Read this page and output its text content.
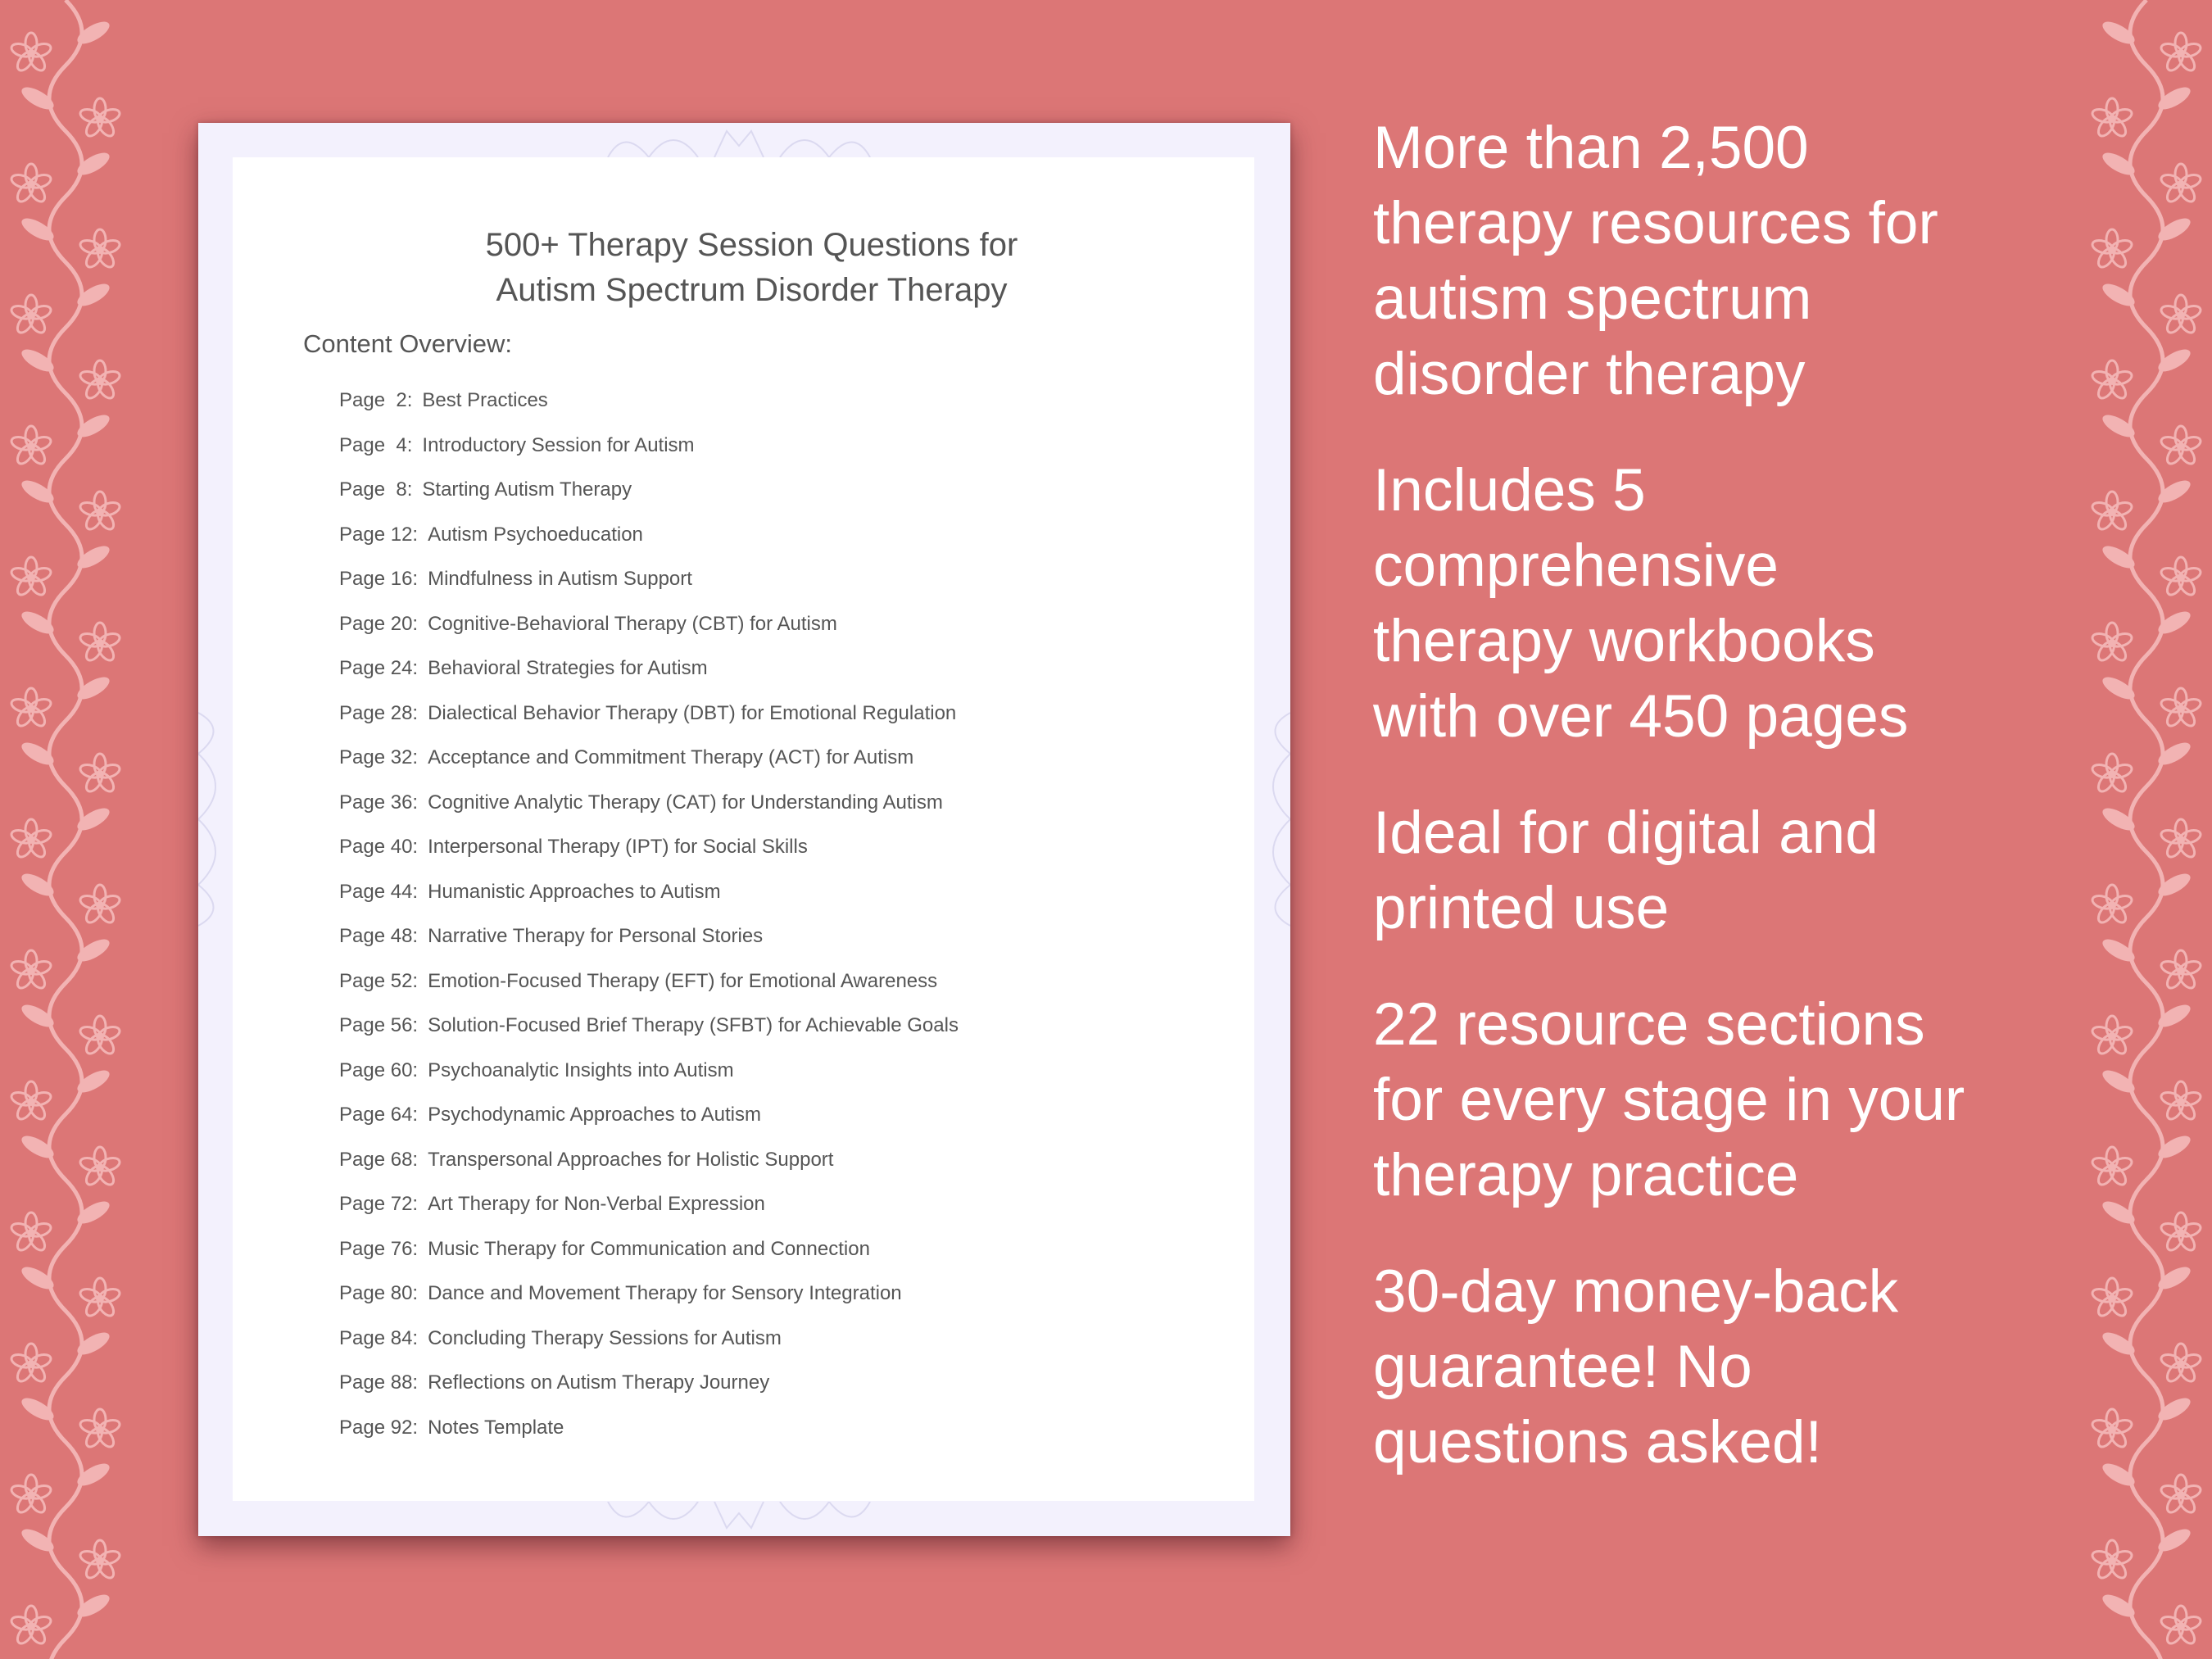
500+ Therapy Session Questions for
Autism Spectrum Disorder Therapy
Content Overview:
Page  2: Best Practices
Page  4: Introductory Session for Autism
Page  8: Starting Autism Therapy
Page 12: Autism Psychoeducation
Page 16: Mindfulness in Autism Support
Page 20: Cognitive-Behavioral Therapy (CBT) for Autism
Page 24: Behavioral Strategies for Autism
Page 28: Dialectical Behavior Therapy (DBT) for Emotional Regulation
Page 32: Acceptance and Commitment Therapy (ACT) for Autism
Page 36: Cognitive Analytic Therapy (CAT) for Understanding Autism
Page 40: Interpersonal Therapy (IPT) for Social Skills
Page 44: Humanistic Approaches to Autism
Page 48: Narrative Therapy for Personal Stories
Page 52: Emotion-Focused Therapy (EFT) for Emotional Awareness
Page 56: Solution-Focused Brief Therapy (SFBT) for Achievable Goals
Page 60: Psychoanalytic Insights into Autism
Page 64: Psychodynamic Approaches to Autism
Page 68: Transpersonal Approaches for Holistic Support
Page 72: Art Therapy for Non-Verbal Expression
Page 76: Music Therapy for Communication and Connection
Page 80: Dance and Movement Therapy for Sensory Integration
Page 84: Concluding Therapy Sessions for Autism
Page 88: Reflections on Autism Therapy Journey
Page 92: Notes Template
More than 2,500
therapy resources for
autism spectrum
disorder therapy
Includes 5
comprehensive
therapy workbooks
with over 450 pages
Ideal for digital and
printed use
22 resource sections
for every stage in your
therapy practice
30-day money-back
guarantee! No
questions asked!
